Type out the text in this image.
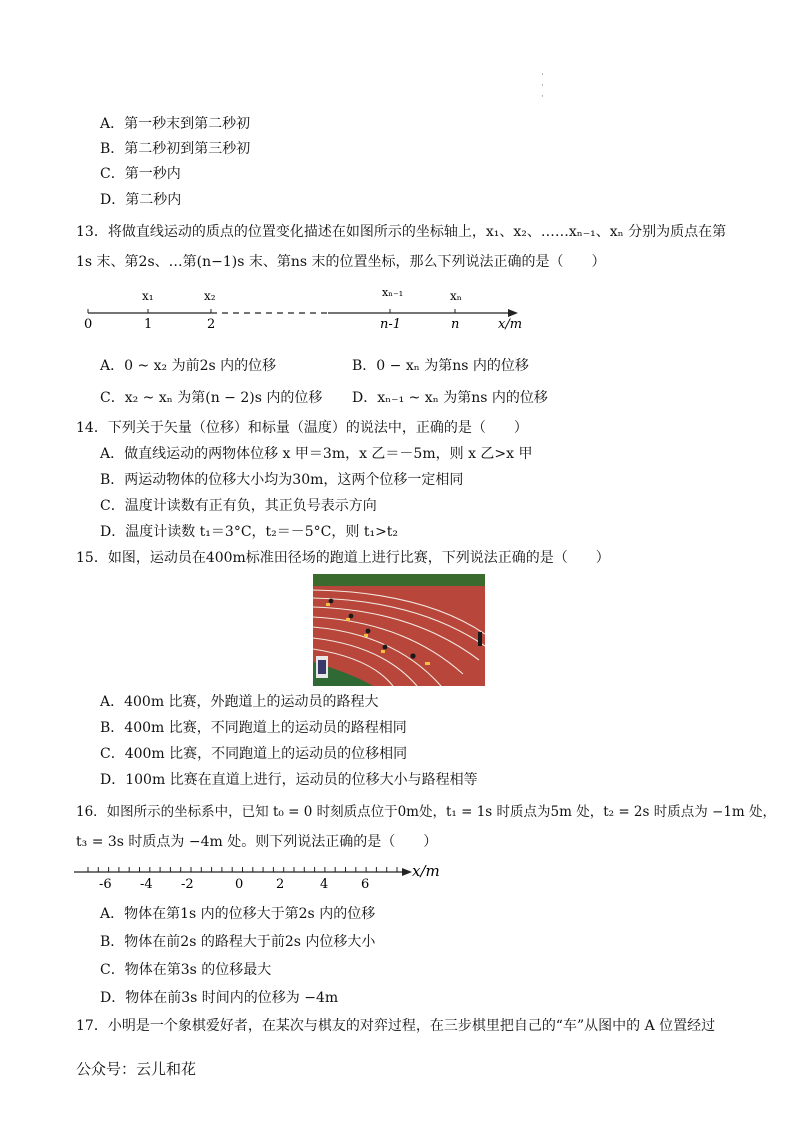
·
·
·
A．第一秒末到第二秒初
B．第二秒初到第三秒初
C．第一秒内
D．第二秒内
13．将做直线运动的质点的位置变化描述在如图所示的坐标轴上，x₁、x₂、……xₙ₋₁、xₙ 分别为质点在第
1s 末、第2s、…第(n−1)s 末、第ns 末的位置坐标，那么下列说法正确的是（　　）
0	1	2	n-1	n
x₁	x₂	xₙ₋₁	xₙ
x/m
A．0 ~ x₂ 为前2s 内的位移	B．0 − xₙ 为第ns 内的位移
C．x₂ ~ xₙ 为第(n − 2)s 内的位移 D．xₙ₋₁ ~ xₙ 为第ns 内的位移
14．下列关于矢量（位移）和标量（温度）的说法中，正确的是（　　）
A．做直线运动的两物体位移 x 甲＝3m，x 乙＝－5m，则 x 乙>x 甲
B．两运动物体的位移大小均为30m，这两个位移一定相同
C．温度计读数有正有负，其正负号表示方向
D．温度计读数 t₁＝3°C，t₂＝－5°C，则 t₁>t₂
15．如图，运动员在400m标准田径场的跑道上进行比赛，下列说法正确的是（　　）
A．400m 比赛，外跑道上的运动员的路程大
B．400m 比赛，不同跑道上的运动员的路程相同
C．400m 比赛，不同跑道上的运动员的位移相同
D．100m 比赛在直道上进行，运动员的位移大小与路程相等
16．如图所示的坐标系中，已知 t₀ = 0 时刻质点位于0m处，t₁ = 1s 时质点为5m 处，t₂ = 2s 时质点为 −1m 处，
t₃ = 3s 时质点为 −4m 处。则下列说法正确的是（　　）
-6 -4 -2	0	2	4	6
x/m
A．物体在第1s 内的位移大于第2s 内的位移
B．物体在前2s 的路程大于前2s 内位移大小
C．物体在第3s 的位移最大
D．物体在前3s 时间内的位移为 −4m
17．小明是一个象棋爱好者，在某次与棋友的对弈过程，在三步棋里把自己的“车”从图中的 A 位置经过
公众号：云儿和花
